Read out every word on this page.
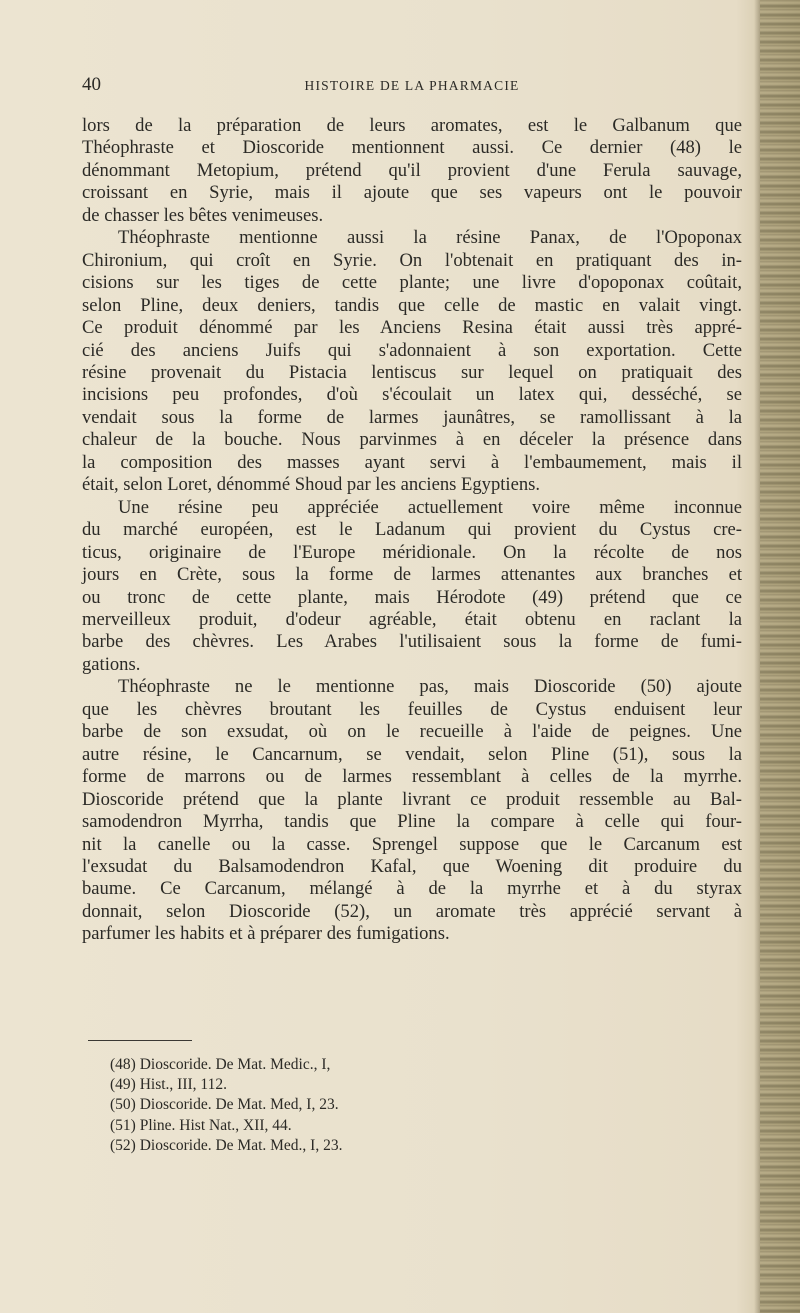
40	HISTOIRE DE LA PHARMACIE
lors de la préparation de leurs aromates, est le Galbanum que
Théophraste et Dioscoride mentionnent aussi. Ce dernier (48) le
dénommant Metopium, prétend qu'il provient d'une Ferula sauvage,
croissant en Syrie, mais il ajoute que ses vapeurs ont le pouvoir
de chasser les bêtes venimeuses.
Théophraste mentionne aussi la résine Panax, de l'Opoponax
Chironium, qui croît en Syrie. On l'obtenait en pratiquant des in-
cisions sur les tiges de cette plante; une livre d'opoponax coûtait,
selon Pline, deux deniers, tandis que celle de mastic en valait vingt.
Ce produit dénommé par les Anciens Resina était aussi très appré-
cié des anciens Juifs qui s'adonnaient à son exportation. Cette
résine provenait du Pistacia lentiscus sur lequel on pratiquait des
incisions peu profondes, d'où s'écoulait un latex qui, desséché, se
vendait sous la forme de larmes jaunâtres, se ramollissant à la
chaleur de la bouche. Nous parvinmes à en déceler la présence dans
la composition des masses ayant servi à l'embaumement, mais il
était, selon Loret, dénommé Shoud par les anciens Egyptiens.
Une résine peu appréciée actuellement voire même inconnue
du marché européen, est le Ladanum qui provient du Cystus cre-
ticus, originaire de l'Europe méridionale. On la récolte de nos
jours en Crète, sous la forme de larmes attenantes aux branches et
ou tronc de cette plante, mais Hérodote (49) prétend que ce
merveilleux produit, d'odeur agréable, était obtenu en raclant la
barbe des chèvres. Les Arabes l'utilisaient sous la forme de fumi-
gations.
Théophraste ne le mentionne pas, mais Dioscoride (50) ajoute
que les chèvres broutant les feuilles de Cystus enduisent leur
barbe de son exsudat, où on le recueille à l'aide de peignes. Une
autre résine, le Cancarnum, se vendait, selon Pline (51), sous la
forme de marrons ou de larmes ressemblant à celles de la myrrhe.
Dioscoride prétend que la plante livrant ce produit ressemble au Bal-
samodendron Myrrha, tandis que Pline la compare à celle qui four-
nit la canelle ou la casse. Sprengel suppose que le Carcanum est
l'exsudat du Balsamodendron Kafal, que Woening dit produire du
baume. Ce Carcanum, mélangé à de la myrrhe et à du styrax
donnait, selon Dioscoride (52), un aromate très apprécié servant à
parfumer les habits et à préparer des fumigations.
(48) Dioscoride. De Mat. Medic., I,
(49) Hist., III, 112.
(50) Dioscoride. De Mat. Med, I, 23.
(51) Pline. Hist Nat., XII, 44.
(52) Dioscoride. De Mat. Med., I, 23.
